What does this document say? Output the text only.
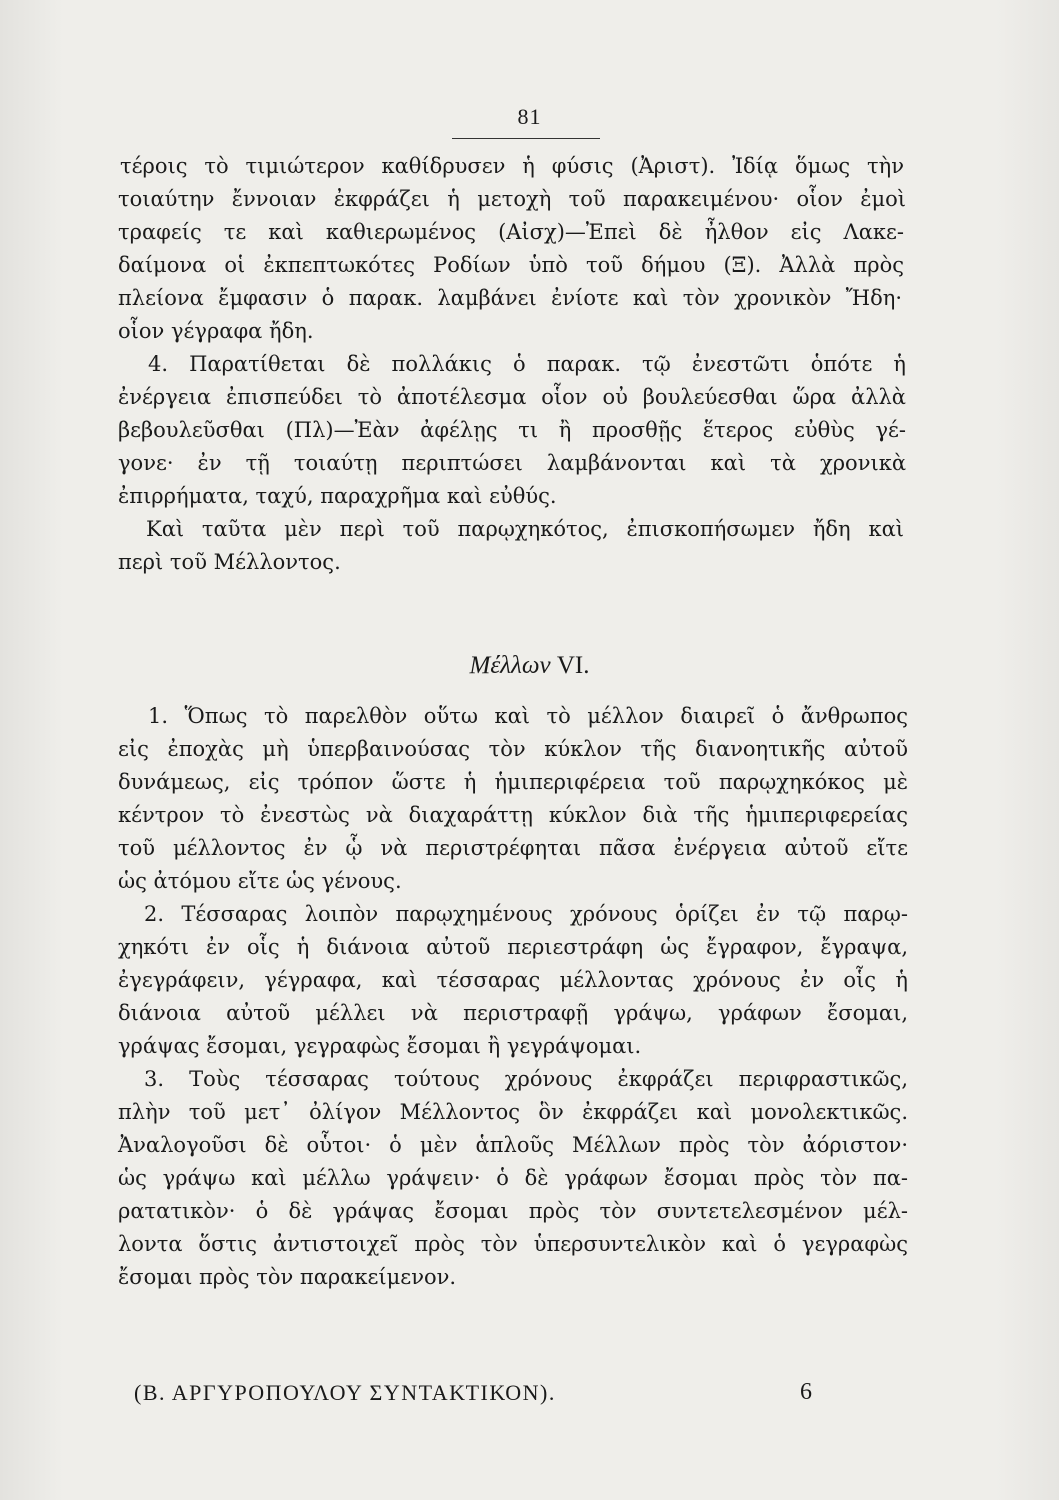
81
τέροις τὸ τιμιώτερον καθίδρυσεν ἡ φύσις (Ἀριστ). Ἰδίᾳ ὅμως τὴν
τοιαύτην ἔννοιαν ἐκφράζει ἡ μετοχὴ τοῦ παρακειμένου· οἷον ἐμοὶ
τραφείς τε καὶ καθιερωμένος (Αἰσχ)—Ἐπεὶ δὲ ἦλθον εἰς Λακε-
δαίμονα οἱ ἐκπεπτωκότες Ροδίων ὑπὸ τοῦ δήμου (Ξ). Ἀλλὰ πρὸς
πλείονα ἔμφασιν ὁ παρακ. λαμβάνει ἐνίοτε καὶ τὸν χρονικὸν Ἤδη·
οἷον γέγραφα ἤδη.
4. Παρατίθεται δὲ πολλάκις ὁ παρακ. τῷ ἐνεστῶτι ὁπότε ἡ
ἐνέργεια ἐπισπεύδει τὸ ἀποτέλεσμα οἷον οὐ βουλεύεσθαι ὥρα ἀλλὰ
βεβουλεῦσθαι (Πλ)—Ἐὰν ἀφέλῃς τι ἢ προσθῇς ἕτερος εὐθὺς γέ-
γονε· ἐν τῇ τοιαύτῃ περιπτώσει λαμβάνονται καὶ τὰ χρονικὰ
ἐπιρρήματα, ταχύ, παραχρῆμα καὶ εὐθύς.
Καὶ ταῦτα μὲν περὶ τοῦ παρῳχηκότος, ἐπισκοπήσωμεν ἤδη καὶ
περὶ τοῦ Μέλλοντος.
Μέλλων VI.
1. Ὅπως τὸ παρελθὸν οὕτω καὶ τὸ μέλλον διαιρεῖ ὁ ἄνθρωπος
εἰς ἐποχὰς μὴ ὑπερβαινούσας τὸν κύκλον τῆς διανοητικῆς αὐτοῦ
δυνάμεως, εἰς τρόπον ὥστε ἡ ἡμιπεριφέρεια τοῦ παρῳχηκόκος μὲ
κέντρον τὸ ἐνεστὼς νὰ διαχαράττῃ κύκλον διὰ τῆς ἡμιπεριφερείας
τοῦ μέλλοντος ἐν ᾧ νὰ περιστρέφηται πᾶσα ἐνέργεια αὐτοῦ εἴτε
ὡς ἀτόμου εἴτε ὡς γένους.
2. Τέσσαρας λοιπὸν παρῳχημένους χρόνους ὁρίζει ἐν τῷ παρῳ-
χηκότι ἐν οἷς ἡ διάνοια αὐτοῦ περιεστράφη ὡς ἔγραφον, ἔγραψα,
ἐγεγράφειν, γέγραφα, καὶ τέσσαρας μέλλοντας χρόνους ἐν οἷς ἡ
διάνοια αὐτοῦ μέλλει νὰ περιστραφῇ γράψω, γράφων ἔσομαι,
γράψας ἔσομαι, γεγραφὼς ἔσομαι ἢ γεγράψομαι.
3. Τοὺς τέσσαρας τούτους χρόνους ἐκφράζει περιφραστικῶς,
πλὴν τοῦ μετ᾽ ὀλίγον Μέλλοντος ὃν ἐκφράζει καὶ μονολεκτικῶς.
Ἀναλογοῦσι δὲ οὗτοι· ὁ μὲν ἁπλοῦς Μέλλων πρὸς τὸν ἀόριστον·
ὡς γράψω καὶ μέλλω γράψειν· ὁ δὲ γράφων ἔσομαι πρὸς τὸν πα-
ρατατικὸν· ὁ δὲ γράψας ἔσομαι πρὸς τὸν συντετελεσμένον μέλ-
λοντα ὅστις ἀντιστοιχεῖ πρὸς τὸν ὑπερσυντελικὸν καὶ ὁ γεγραφὼς
ἔσομαι πρὸς τὸν παρακείμενον.
(Β. ΑΡΓΥΡΟΠΟΥΛΟΥ ΣΥΝΤΑΚΤΙΚΟΝ).	6
